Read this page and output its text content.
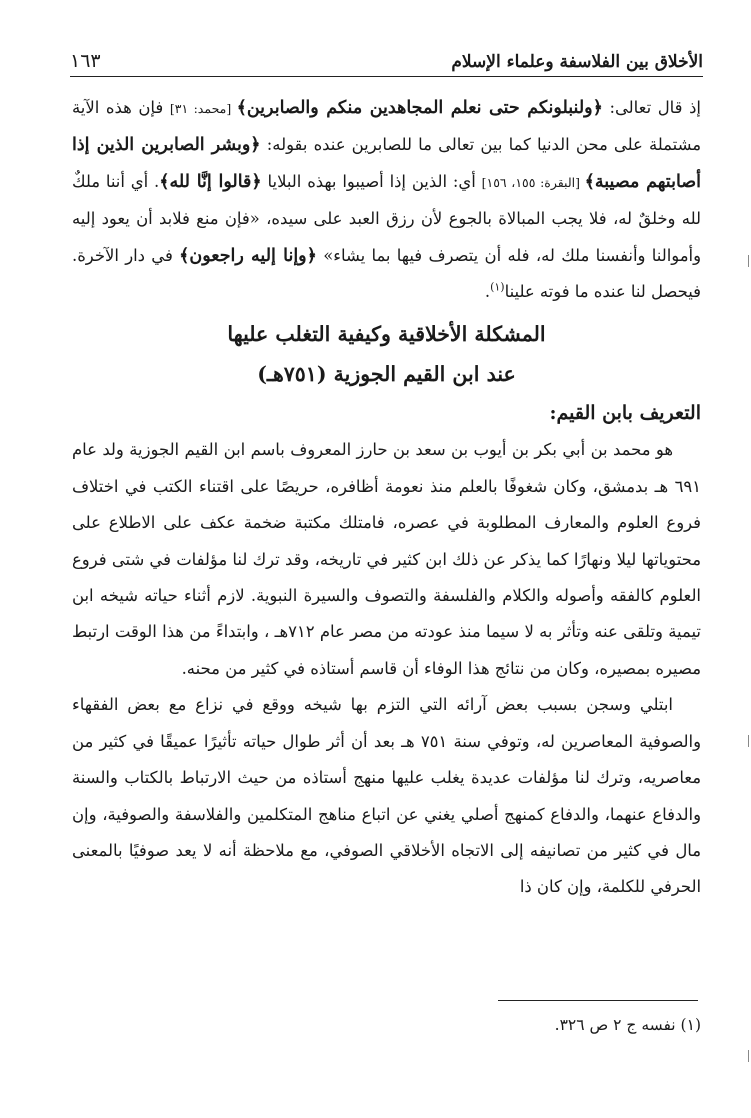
الأخلاق بين الفلاسفة وعلماء الإسلام
١٦٣

إذ قال تعالى: ﴿ولنبلونكم حتى نعلم المجاهدين منكم والصابرين﴾ [محمد: ٣١] فإن هذه الآية مشتملة على محن الدنيا كما بين تعالى ما للصابرين عنده بقوله: ﴿وبشر الصابرين الذين إذا أصابتهم مصيبة﴾ [البقرة: ١٥٥، ١٥٦] أي: الذين إذا أصيبوا بهذه البلايا ﴿قالوا إنَّا لله﴾. أي أننا ملكٌ لله وخلقٌ له، فلا يجب المبالاة بالجوع لأن رزق العبد على سيده، «فإن منع فلابد أن يعود إليه وأموالنا وأنفسنا ملك له، فله أن يتصرف فيها بما يشاء» ﴿وإنا إليه راجعون﴾ في دار الآخرة. فيحصل لنا عنده ما فوته علينا$^{(١)}$.

المشكلة الأخلاقية وكيفية التغلب عليها
عند ابن القيم الجوزية (٧٥١هـ)
التعريف بابن القيم:

هو محمد بن أبي بكر بن أيوب بن سعد بن حارز المعروف باسم ابن القيم الجوزية ولد عام ٦٩١ هـ بدمشق، وكان شغوفًا بالعلم منذ نعومة أظافره، حريصًا على اقتناء الكتب في اختلاف فروع العلوم والمعارف المطلوبة في عصره، فامتلك مكتبة ضخمة عكف على الاطلاع على محتوياتها ليلا ونهارًا كما يذكر عن ذلك ابن كثير في تاريخه، وقد ترك لنا مؤلفات في شتى فروع العلوم كالفقه وأصوله والكلام والفلسفة والتصوف والسيرة النبوية. لازم أثناء حياته شيخه ابن تيمية وتلقى عنه وتأثر به لا سيما منذ عودته من مصر عام ٧١٢هـ ، وابتداءً من هذا الوقت ارتبط مصيره بمصيره، وكان من نتائج هذا الوفاء أن قاسم أستاذه في كثير من محنه.

ابتلي وسجن بسبب بعض آرائه التي التزم بها شيخه ووقع في نزاع مع بعض الفقهاء والصوفية المعاصرين له، وتوفي سنة ٧٥١ هـ بعد أن أثر طوال حياته تأثيرًا عميقًا في كثير من معاصريه، وترك لنا مؤلفات عديدة يغلب عليها منهج أستاذه من حيث الارتباط بالكتاب والسنة والدفاع عنهما، والدفاع كمنهج أصلي يغني عن اتباع مناهج المتكلمين والفلاسفة والصوفية، وإن مال في كثير من تصانيفه إلى الاتجاه الأخلاقي الصوفي، مع ملاحظة أنه لا يعد صوفيًا بالمعنى الحرفي للكلمة، وإن كان ذا

(١) نفسه ج ٢ ص ٣٢٦.
